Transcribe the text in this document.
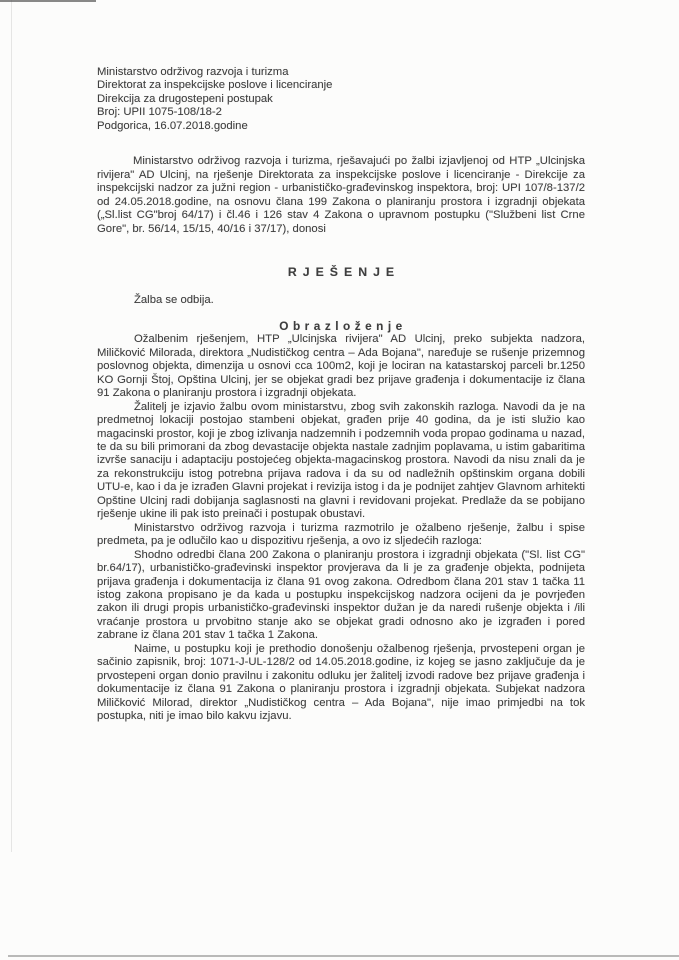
Ministarstvo održivog razvoja i turizma
Direktorat za inspekcijske poslove i licenciranje
Direkcija za drugostepeni postupak
Broj: UPII 1075-108/18-2
Podgorica, 16.07.2018.godine

Ministarstvo održivog razvoja i turizma, rješavajući po žalbi izjavljenoj od HTP „Ulcinjska rivijera" AD Ulcinj, na rješenje Direktorata za inspekcijske poslove i licenciranje - Direkcije za inspekcijski nadzor za južni region - urbanističko-građevinskog inspektora, broj: UPI 107/8-137/2 od 24.05.2018.godine, na osnovu člana 199 Zakona o planiranju prostora i izgradnji objekata („Sl.list CG"broj 64/17) i čl.46 i 126 stav 4 Zakona o upravnom postupku ("Službeni list Crne Gore", br. 56/14, 15/15, 40/16 i 37/17), donosi

RJEŠENJE

Žalba se odbija.

Obrazloženje

Ožalbenim rješenjem, HTP „Ulcinjska rivijera" AD Ulcinj, preko subjekta nadzora, Miličković Milorada, direktora „Nudističkog centra – Ada Bojana", naređuje se rušenje prizemnog poslovnog objekta, dimenzija u osnovi cca 100m2, koji je lociran na katastarskoj parceli br.1250 KO Gornji Štoj, Opština Ulcinj, jer se objekat gradi bez prijave građenja i dokumentacije iz člana 91 Zakona o planiranju prostora i izgradnji objekata.

Žalitelj je izjavio žalbu ovom ministarstvu, zbog svih zakonskih razloga. Navodi da je na predmetnoj lokaciji postojao stambeni objekat, građen prije 40 godina, da je isti služio kao magacinski prostor, koji je zbog izlivanja nadzemnih i podzemnih voda propao godinama u nazad, te da su bili primorani da zbog devastacije objekta nastale zadnjim poplavama, u istim gabaritima izvrše sanaciju i adaptaciju postojećeg objekta-magacinskog prostora. Navodi da nisu znali da je za rekonstrukciju istog potrebna prijava radova i da su od nadležnih opštinskim organa dobili UTU-e, kao i da je izrađen Glavni projekat i revizija istog i da je podnijet zahtjev Glavnom arhitekti Opštine Ulcinj radi dobijanja saglasnosti na glavni i revidovani projekat. Predlaže da se pobijano rješenje ukine ili pak isto preinači i postupak obustavi.

Ministarstvo održivog razvoja i turizma razmotrilo je ožalbeno rješenje, žalbu i spise predmeta, pa je odlučilo kao u dispozitivu rješenja, a ovo iz sljedećih razloga:

Shodno odredbi člana 200 Zakona o planiranju prostora i izgradnji objekata ("Sl. list CG" br.64/17), urbanističko-građevinski inspektor provjerava da li je za građenje objekta, podnijeta prijava građenja i dokumentacija iz člana 91 ovog zakona. Odredbom člana 201 stav 1 tačka 11 istog zakona propisano je da kada u postupku inspekcijskog nadzora ocijeni da je povrjeđen zakon ili drugi propis urbanističko-građevinski inspektor dužan je da naredi rušenje objekta i /ili vraćanje prostora u prvobitno stanje ako se objekat gradi odnosno ako je izgrađen i pored zabrane iz člana 201 stav 1 tačka 1 Zakona.

Naime, u postupku koji je prethodio donošenju ožalbenog rješenja, prvostepeni organ je sačinio zapisnik, broj: 1071-J-UL-128/2 od 14.05.2018.godine, iz kojeg se jasno zaključuje da je prvostepeni organ donio pravilnu i zakonitu odluku jer žalitelj izvodi radove bez prijave građenja i dokumentacije iz člana 91 Zakona o planiranju prostora i izgradnji objekata. Subjekat nadzora Miličković Milorad, direktor „Nudističkog centra – Ada Bojana", nije imao primjedbi na tok postupka, niti je imao bilo kakvu izjavu.
